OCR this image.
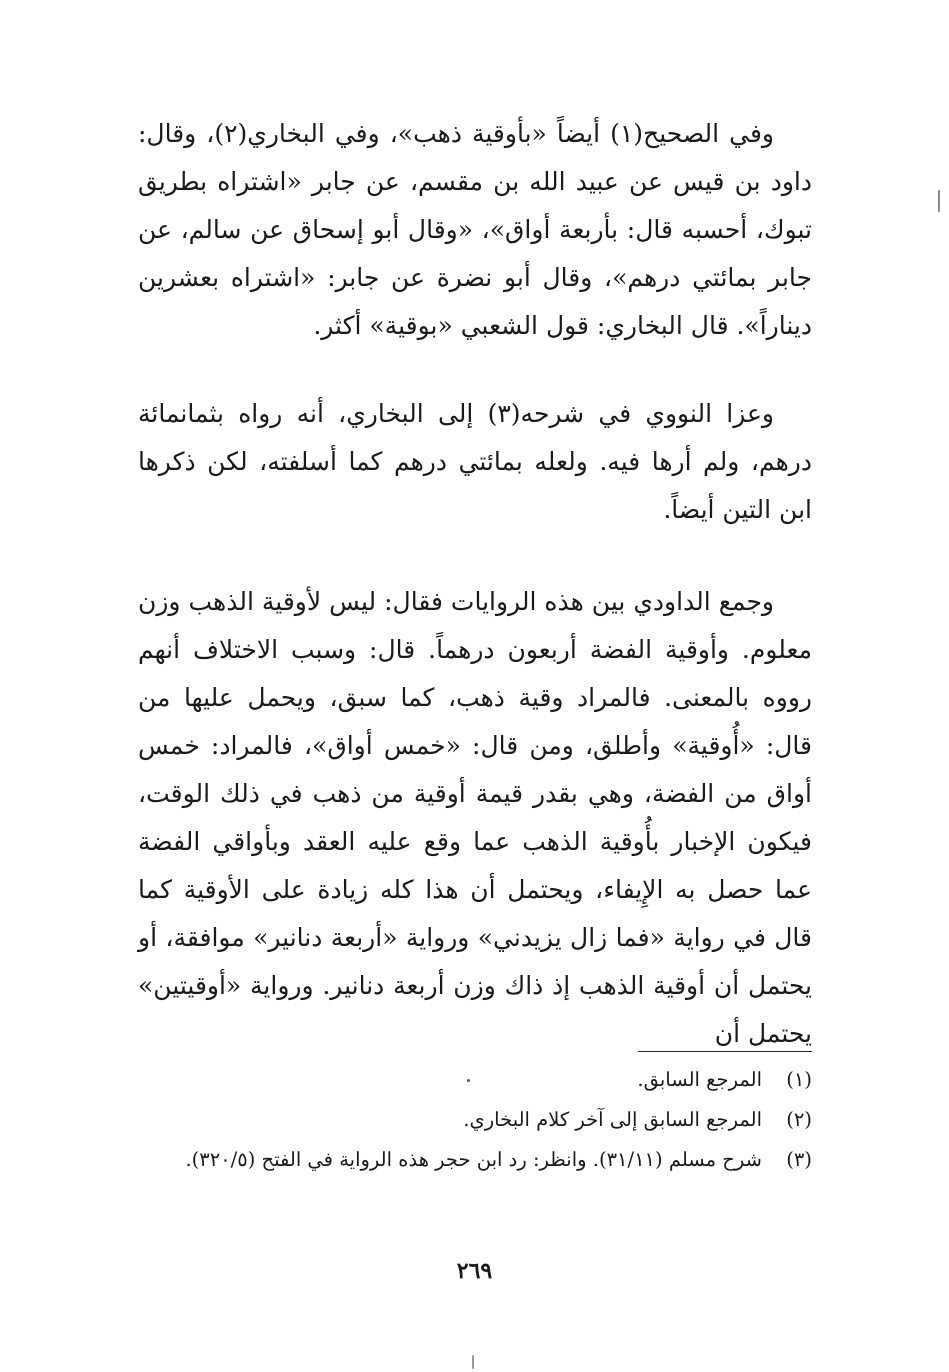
وفي الصحيح(١) أيضاً «بأوقية ذهب»، وفي البخاري(٢)، وقال: داود بن قيس عن عبيد الله بن مقسم، عن جابر «اشتراه بطريق تبوك، أحسبه قال: بأربعة أواق»، «وقال أبو إسحاق عن سالم، عن جابر بمائتي درهم»، وقال أبو نضرة عن جابر: «اشتراه بعشرين ديناراً». قال البخاري: قول الشعبي «بوقية» أكثر.

وعزا النووي في شرحه(٣) إلى البخاري، أنه رواه بثمانمائة درهم، ولم أرها فيه. ولعله بمائتي درهم كما أسلفته، لكن ذكرها ابن التين أيضاً.

وجمع الداودي بين هذه الروايات فقال: ليس لأوقية الذهب وزن معلوم. وأوقية الفضة أربعون درهماً. قال: وسبب الاختلاف أنهم رووه بالمعنى. فالمراد وقية ذهب، كما سبق، ويحمل عليها من قال: «أُوقية» وأطلق، ومن قال: «خمس أواق»، فالمراد: خمس أواق من الفضة، وهي بقدر قيمة أوقية من ذهب في ذلك الوقت، فيكون الإخبار بأُوقية الذهب عما وقع عليه العقد وبأواقي الفضة عما حصل به الإِيفاء، ويحتمل أن هذا كله زيادة على الأوقية كما قال في رواية «فما زال يزيدني» ورواية «أربعة دنانير» موافقة، أو يحتمل أن أوقية الذهب إذ ذاك وزن أربعة دنانير. ورواية «أوقيتين» يحتمل أن

(١)
المرجع السابق.
(٢)
المرجع السابق إلى آخر كلام البخاري.
(٣)
شرح مسلم (٣١/١١). وانظر: رد ابن حجر هذه الرواية في الفتح (٣٢٠/٥).
٢٦٩
